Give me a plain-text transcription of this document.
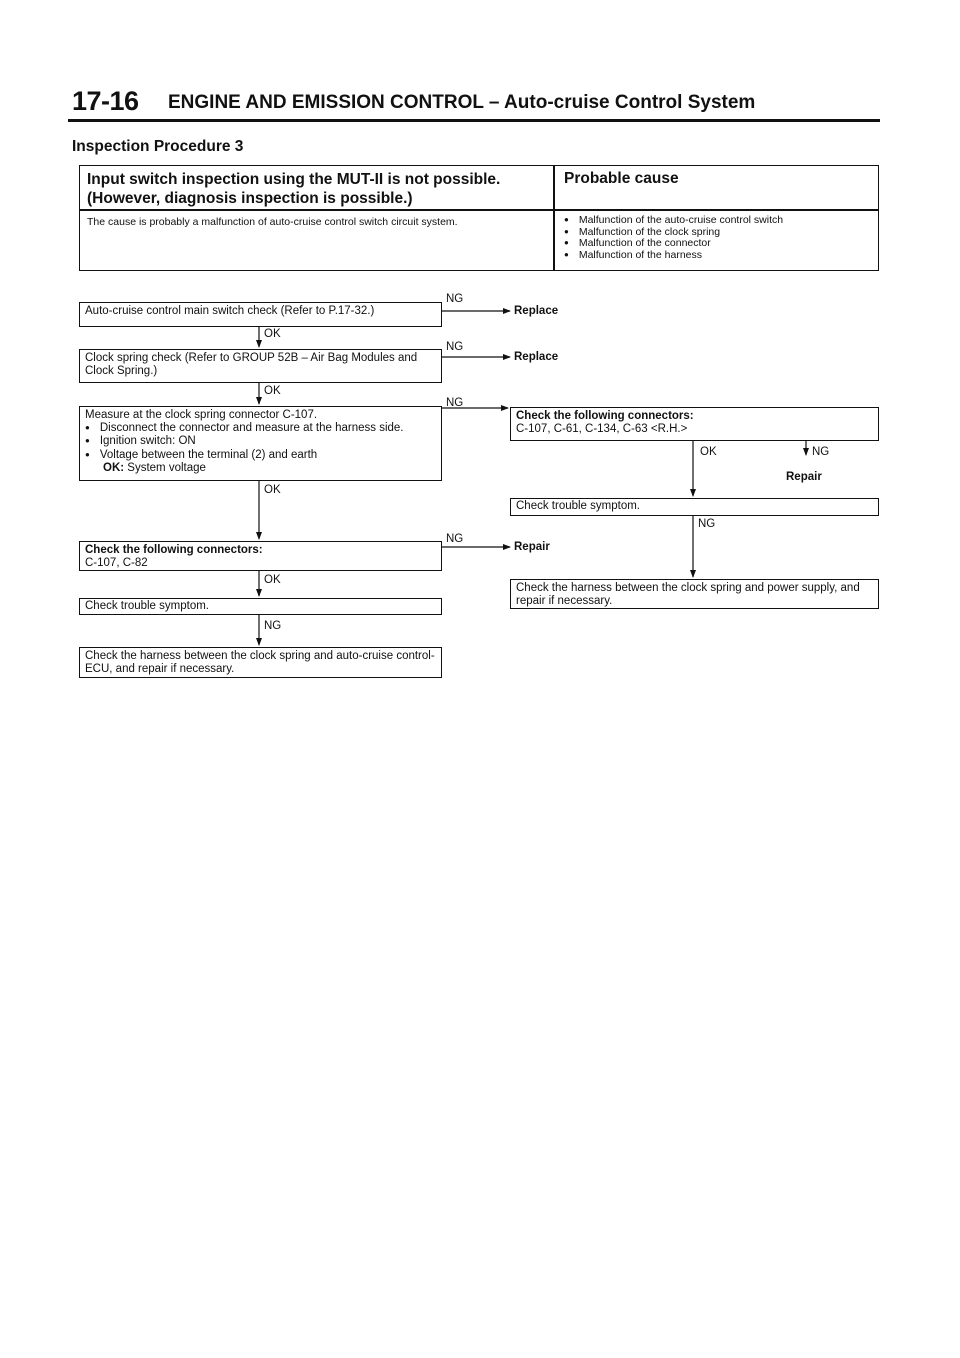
17-16 ENGINE AND EMISSION CONTROL – Auto-cruise Control System
Inspection Procedure 3
Input switch inspection using the MUT-II is not possible. (However, diagnosis inspection is possible.)
Probable cause
The cause is probably a malfunction of auto-cruise control switch circuit system.
●	Malfunction of the auto-cruise control switch
● Malfunction of the clock spring
● Malfunction of the connector
● Malfunction of the harness
Auto-cruise control main switch check (Refer to P.17-32.)
Clock spring check (Refer to GROUP 52B – Air Bag Modules and Clock Spring.)
Measure at the clock spring connector C-107.
● Disconnect the connector and measure at the harness side.
● Ignition switch: ON
● Voltage between the terminal (2) and earth
OK: System voltage
Check the following connectors:
C-107, C-82
Check trouble symptom.
Check the harness between the clock spring and auto-cruise control-ECU, and repair if necessary.
Check the following connectors:
C-107, C-61, C-134, C-63 <R.H.>
Check trouble symptom.
Check the harness between the clock spring and power supply, and repair if necessary.
OK
OK
OK
OK
NG
NG
NG
NG
NG
OK	NG
NG
Replace
Replace
Repair
Repair
